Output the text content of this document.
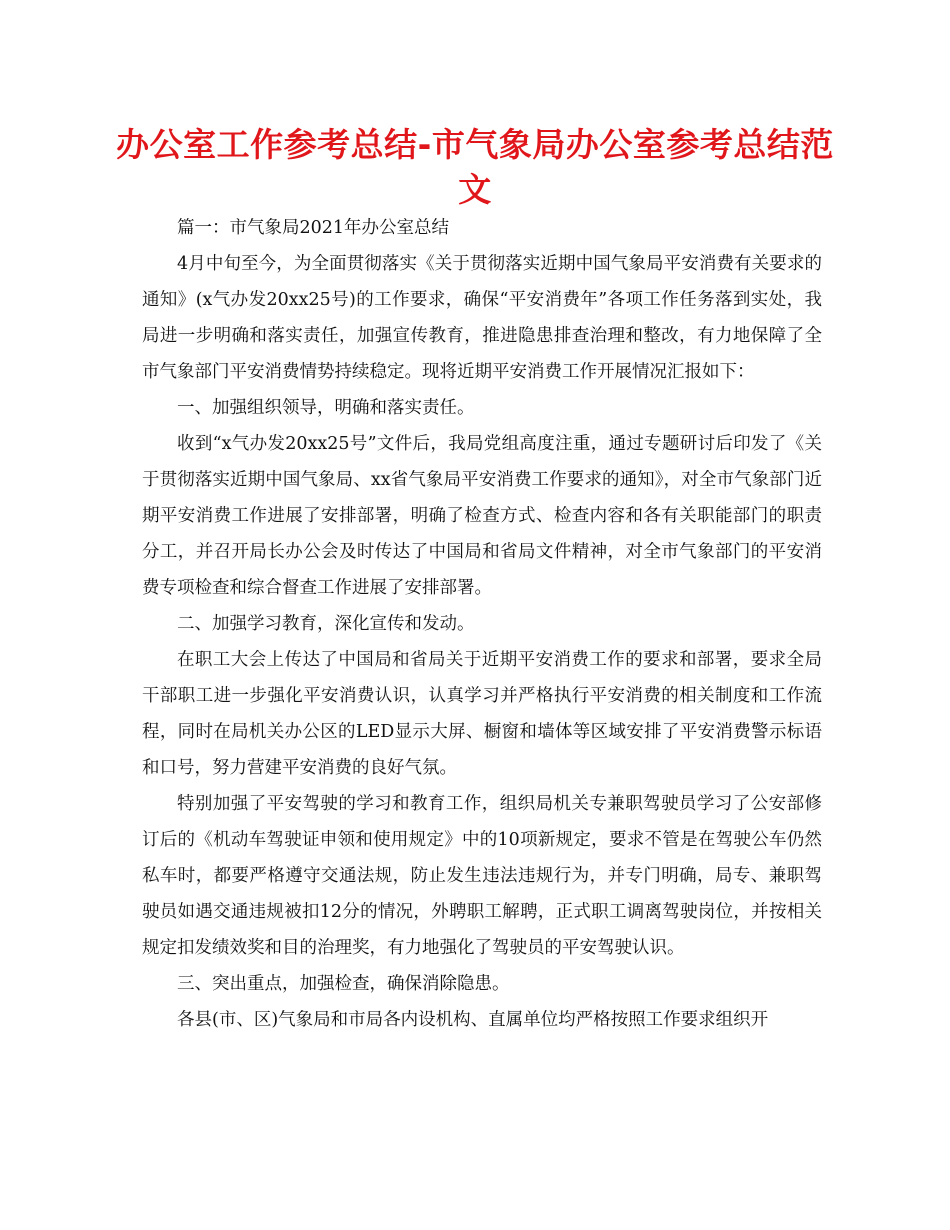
办公室工作参考总结-市气象局办公室参考总结范文

篇一：市气象局2021年办公室总结

4月中旬至今，为全面贯彻落实《关于贯彻落实近期中国气象局平安消费有关要求的通知》(x气办发20xx25号)的工作要求，确保“平安消费年”各项工作任务落到实处，我局进一步明确和落实责任，加强宣传教育，推进隐患排查治理和整改，有力地保障了全市气象部门平安消费情势持续稳定。现将近期平安消费工作开展情况汇报如下：

一、加强组织领导，明确和落实责任。

收到“x气办发20xx25号”文件后，我局党组高度注重，通过专题研讨后印发了《关于贯彻落实近期中国气象局、xx省气象局平安消费工作要求的通知》，对全市气象部门近期平安消费工作进展了安排部署，明确了检查方式、检查内容和各有关职能部门的职责分工，并召开局长办公会及时传达了中国局和省局文件精神，对全市气象部门的平安消费专项检查和综合督查工作进展了安排部署。

二、加强学习教育，深化宣传和发动。

在职工大会上传达了中国局和省局关于近期平安消费工作的要求和部署，要求全局干部职工进一步强化平安消费认识，认真学习并严格执行平安消费的相关制度和工作流程，同时在局机关办公区的LED显示大屏、橱窗和墙体等区域安排了平安消费警示标语和口号，努力营建平安消费的良好气氛。

特别加强了平安驾驶的学习和教育工作，组织局机关专兼职驾驶员学习了公安部修订后的《机动车驾驶证申领和使用规定》中的10项新规定，要求不管是在驾驶公车仍然私车时，都要严格遵守交通法规，防止发生违法违规行为，并专门明确，局专、兼职驾驶员如遇交通违规被扣12分的情况，外聘职工解聘，正式职工调离驾驶岗位，并按相关规定扣发绩效奖和目的治理奖，有力地强化了驾驶员的平安驾驶认识。

三、突出重点，加强检查，确保消除隐患。

各县(市、区)气象局和市局各内设机构、直属单位均严格按照工作要求组织开
